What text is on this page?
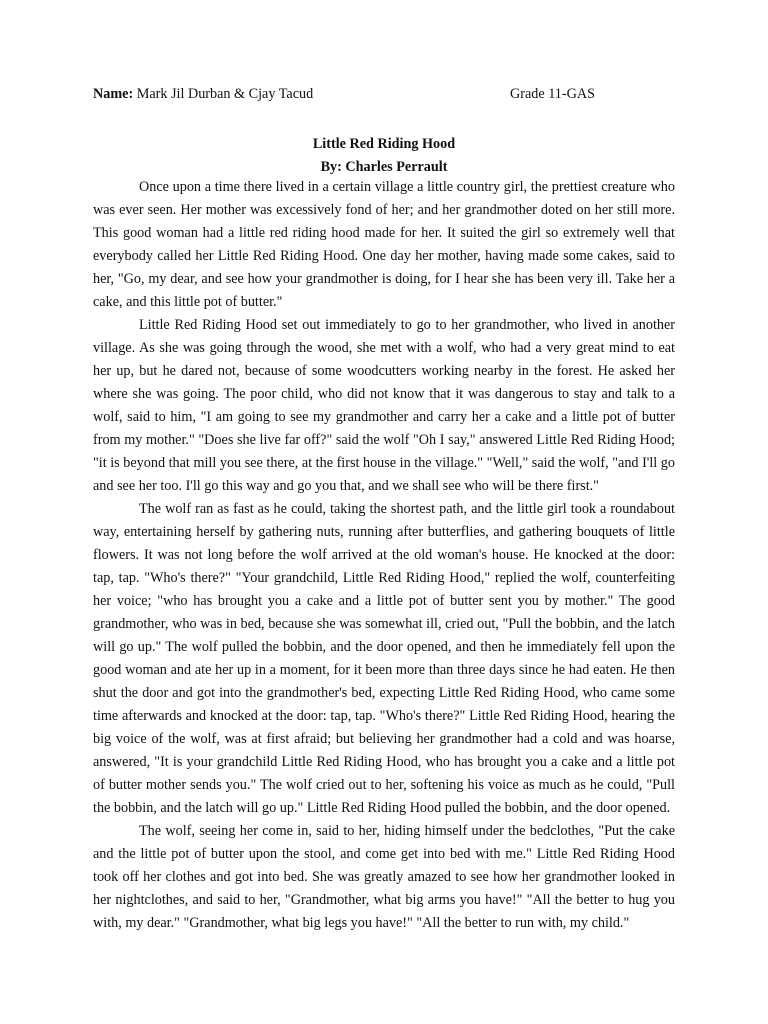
Name: Mark Jil Durban & Cjay Tacud	Grade 11-GAS
Little Red Riding Hood
By: Charles Perrault

Once upon a time there lived in a certain village a little country girl, the prettiest creature who was ever seen. Her mother was excessively fond of her; and her grandmother doted on her still more. This good woman had a little red riding hood made for her. It suited the girl so extremely well that everybody called her Little Red Riding Hood. One day her mother, having made some cakes, said to her, "Go, my dear, and see how your grandmother is doing, for I hear she has been very ill. Take her a cake, and this little pot of butter."

Little Red Riding Hood set out immediately to go to her grandmother, who lived in another village. As she was going through the wood, she met with a wolf, who had a very great mind to eat her up, but he dared not, because of some woodcutters working nearby in the forest. He asked her where she was going. The poor child, who did not know that it was dangerous to stay and talk to a wolf, said to him, "I am going to see my grandmother and carry her a cake and a little pot of butter from my mother." "Does she live far off?" said the wolf "Oh I say," answered Little Red Riding Hood; "it is beyond that mill you see there, at the first house in the village." "Well," said the wolf, "and I'll go and see her too. I'll go this way and go you that, and we shall see who will be there first."

The wolf ran as fast as he could, taking the shortest path, and the little girl took a roundabout way, entertaining herself by gathering nuts, running after butterflies, and gathering bouquets of little flowers. It was not long before the wolf arrived at the old woman's house. He knocked at the door: tap, tap. "Who's there?" "Your grandchild, Little Red Riding Hood," replied the wolf, counterfeiting her voice; "who has brought you a cake and a little pot of butter sent you by mother." The good grandmother, who was in bed, because she was somewhat ill, cried out, "Pull the bobbin, and the latch will go up." The wolf pulled the bobbin, and the door opened, and then he immediately fell upon the good woman and ate her up in a moment, for it been more than three days since he had eaten. He then shut the door and got into the grandmother's bed, expecting Little Red Riding Hood, who came some time afterwards and knocked at the door: tap, tap. "Who's there?" Little Red Riding Hood, hearing the big voice of the wolf, was at first afraid; but believing her grandmother had a cold and was hoarse, answered, "It is your grandchild Little Red Riding Hood, who has brought you a cake and a little pot of butter mother sends you." The wolf cried out to her, softening his voice as much as he could, "Pull the bobbin, and the latch will go up." Little Red Riding Hood pulled the bobbin, and the door opened.

The wolf, seeing her come in, said to her, hiding himself under the bedclothes, "Put the cake and the little pot of butter upon the stool, and come get into bed with me." Little Red Riding Hood took off her clothes and got into bed. She was greatly amazed to see how her grandmother looked in her nightclothes, and said to her, "Grandmother, what big arms you have!" "All the better to hug you with, my dear." "Grandmother, what big legs you have!" "All the better to run with, my child."
